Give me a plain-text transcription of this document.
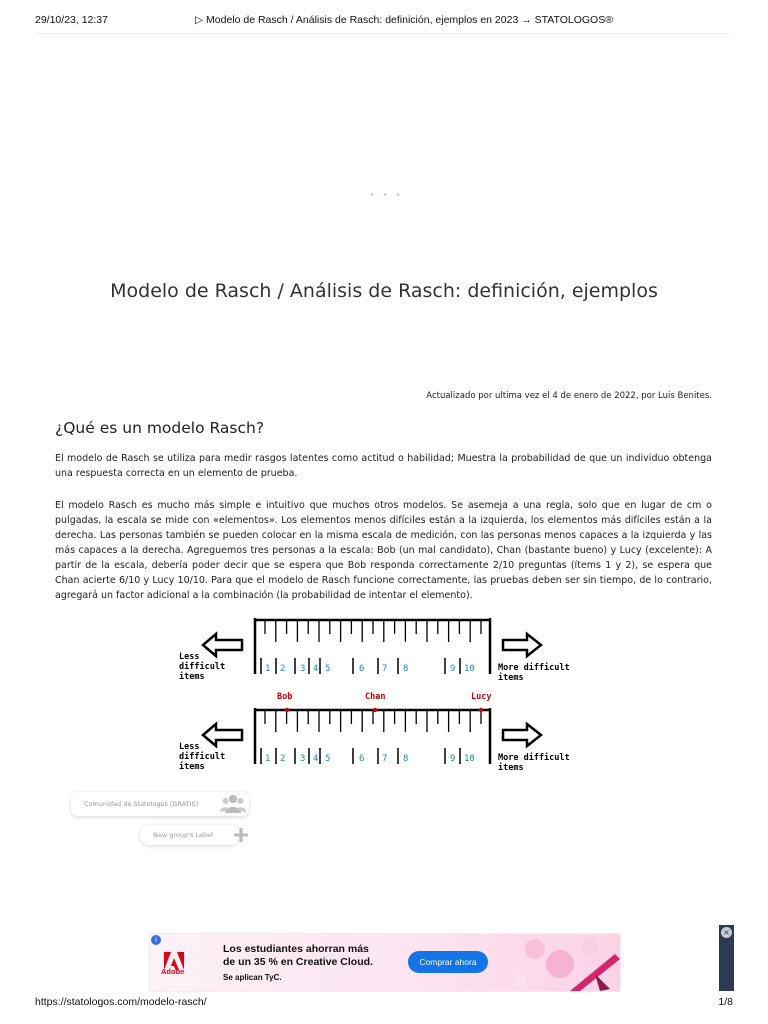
29/10/23, 12:37	▷ Modelo de Rasch / Análisis de Rasch: definición, ejemplos en 2023 → STATOLOGOS®
• • •
Modelo de Rasch / Análisis de Rasch: definición, ejemplos
Actualizado por ultima vez el 4 de enero de 2022, por Luis Benites.
¿Qué es un modelo Rasch?

El modelo de Rasch se utiliza para medir rasgos latentes como actitud o habilidad; Muestra la probabilidad de que un individuo obtenga una respuesta correcta en un elemento de prueba.

El modelo Rasch es mucho más simple e intuitivo que muchos otros modelos. Se asemeja a una regla, solo que en lugar de cm o pulgadas, la escala se mide con «elementos». Los elementos menos difíciles están a la izquierda, los elementos más difíciles están a la derecha. Las personas también se pueden colocar en la misma escala de medición, con las personas menos capaces a la izquierda y las más capaces a la derecha. Agreguemos tres personas a la escala: Bob (un mal candidato), Chan (bastante bueno) y Lucy (excelente): A partir de la escala, debería poder decir que se espera que Bob responda correctamente 2/10 preguntas (ítems 1 y 2), se espera que Chan acierte 6/10 y Lucy 10/10. Para que el modelo de Rasch funcione correctamente, las pruebas deben ser sin tiempo, de lo contrario, agregará un factor adicional a la combinación (la probabilidad de intentar el elemento).

1 2 3 4 5	6 7 8	9 10
Less
difficult
items
More difficult
items
1 2 3 4 5	6 7 8	9 10
Less
difficult
items
More difficult
items
Bob	Chan	Lucy
Comunidad de Statologos (GRATIS)
New group's Label
i
Adobe
Los estudiantes ahorran más de un 35 % en Creative Cloud.
Se aplican TyC.
Comprar ahora
×
https://statologos.com/modelo-rasch/	1/8
